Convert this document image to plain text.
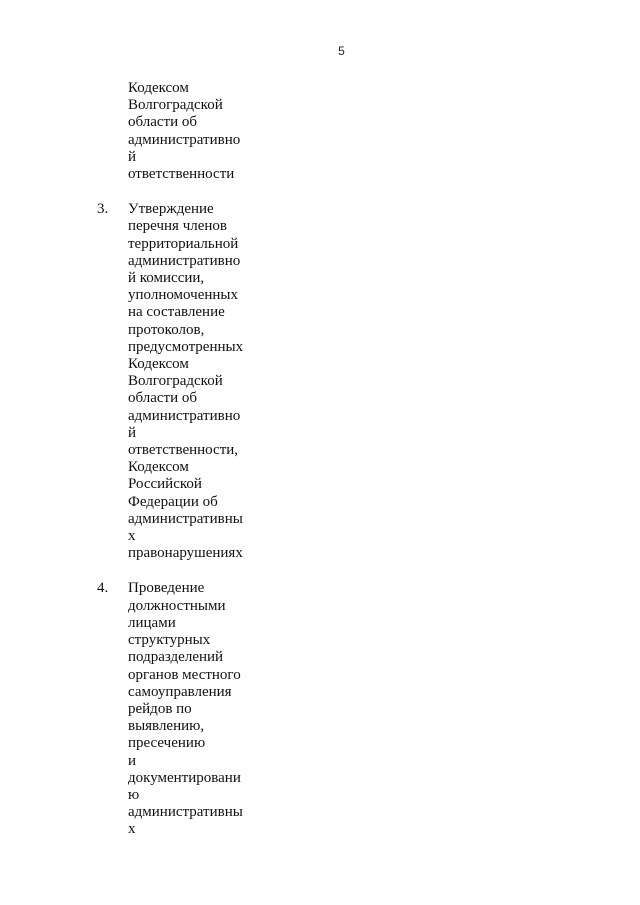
5
Кодексом
Волгоградской
области об
административно
й
ответственности
3. Утверждение
перечня членов
территориальной
административно
й комиссии,
уполномоченных
на составление
протоколов,
предусмотренных
Кодексом
Волгоградской
области об
административно
й
ответственности,
Кодексом
Российской
Федерации об
административны
х
правонарушениях
4. Проведение
должностными
лицами
структурных
подразделений
органов местного
самоуправления
рейдов по
выявлению,
пресечению
и
документировани
ю
административны
х
